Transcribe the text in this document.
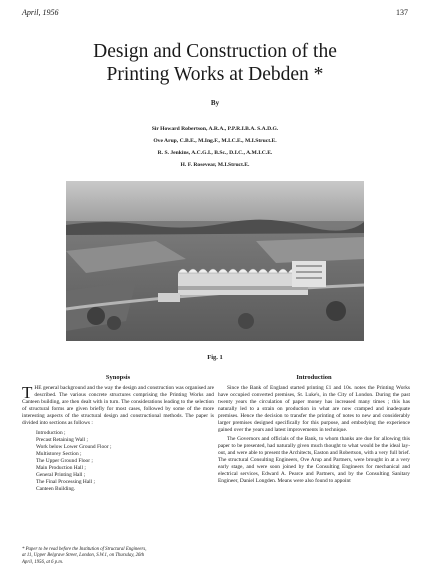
April, 1956	137
Design and Construction of the
Printing Works at Debden *
By
Sir Howard Robertson, A.R.A., P.P.R.I.B.A. S.A.D.G.
Ove Arup, C.B.E., M.Ing.F., M.I.C.E., M.I.Struct.E.
R. S. Jenkins, A.C.G.I., B.Sc., D.I.C., A.M.I.C.E.
H. F. Rosevear, M.I.Struct.E.
Fig. 1
Synopsis	Introduction

THE general background and the way the design and construction was organised are described. The various concrete structures comprising the Printing Works and Canteen building, are then dealt with in turn. The considerations leading to the selection of structural forms are given briefly for most cases, followed by some of the more interesting aspects of the structural design and constructional methods. The paper is divided into sections as follows :

Introduction ;
Precast Retaining Wall ;
Work below Lower Ground Floor ;
Multistorey Section ;
The Upper Ground Floor ;
Main Production Hall ;
General Printing Hall ;
The Final Processing Hall ;
Canteen Building.
* Paper to be read before the Institution of Structural Engineers,
at 11, Upper Belgrave Street, London, S.W.1, on Thursday, 26th
April, 1956, at 6 p.m.

Since the Bank of England started printing £1 and 10s. notes the Printing Works have occupied converted premises, St. Luke's, in the City of London. During the past twenty years the circulation of paper money has increased many times ; this has naturally led to a strain on production in what are now cramped and inadequate premises. Hence the decision to transfer the printing of notes to new and considerably larger premises designed specifically for this purpose, and embodying the experience gained over the years and latest improvements in technique.

The Governors and officials of the Bank, to whom thanks are due for allowing this paper to be presented, had naturally given much thought to what would be the ideal lay-out, and were able to present the Architects, Easton and Robertson, with a very full brief. The structural Consulting Engineers, Ove Arup and Partners, were brought in at a very early stage, and were soon joined by the Consulting Engineers for mechanical and electrical services, Edward A. Pearce and Partners, and by the Consulting Sanitary Engineer, Daniel Longden. Means were also found to appoint
